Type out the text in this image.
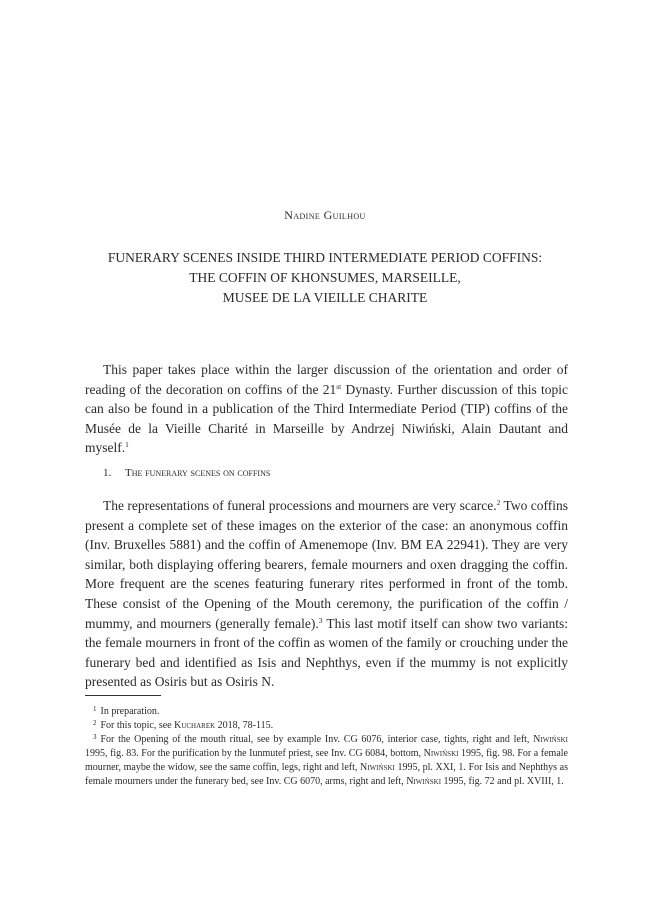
Nadine Guilhou
FUNERARY SCENES INSIDE THIRD INTERMEDIATE PERIOD COFFINS:
THE COFFIN OF KHONSUMES, MARSEILLE,
MUSEE DE LA VIEILLE CHARITE

This paper takes place within the larger discussion of the orientation and order of reading of the decoration on coffins of the 21st Dynasty. Further discussion of this topic can also be found in a publication of the Third Intermediate Period (TIP) coffins of the Musée de la Vieille Charité in Marseille by Andrzej Niwiński, Alain Dautant and myself.$^1$

1. The funerary scenes on coffins

The representations of funeral processions and mourners are very scarce.$^2$ Two coffins present a complete set of these images on the exterior of the case: an anonymous coffin (Inv. Bruxelles 5881) and the coffin of Amenemope (Inv. BM EA 22941). They are very similar, both displaying offering bearers, female mourners and oxen dragging the coffin. More frequent are the scenes featuring funerary rites performed in front of the tomb. These consist of the Opening of the Mouth ceremony, the purification of the coffin / mummy, and mourners (generally female).$^3$ This last motif itself can show two variants: the female mourners in front of the coffin as women of the family or crouching under the funerary bed and identified as Isis and Nephthys, even if the mummy is not explicitly presented as Osiris but as Osiris N.

$^1$ In preparation.
$^2$ For this topic, see Kucharek 2018, 78-115.
$^3$ For the Opening of the mouth ritual, see by example Inv. CG 6076, interior case, tights, right and left, Niwiński 1995, fig. 83. For the purification by the Iunmutef priest, see Inv. CG 6084, bottom, Niwiński 1995, fig. 98. For a female mourner, maybe the widow, see the same coffin, legs, right and left, Niwiński 1995, pl. XXI, 1. For Isis and Nephthys as female mourners under the funerary bed, see Inv. CG 6070, arms, right and left, Niwiński 1995, fig. 72 and pl. XVIII, 1.
